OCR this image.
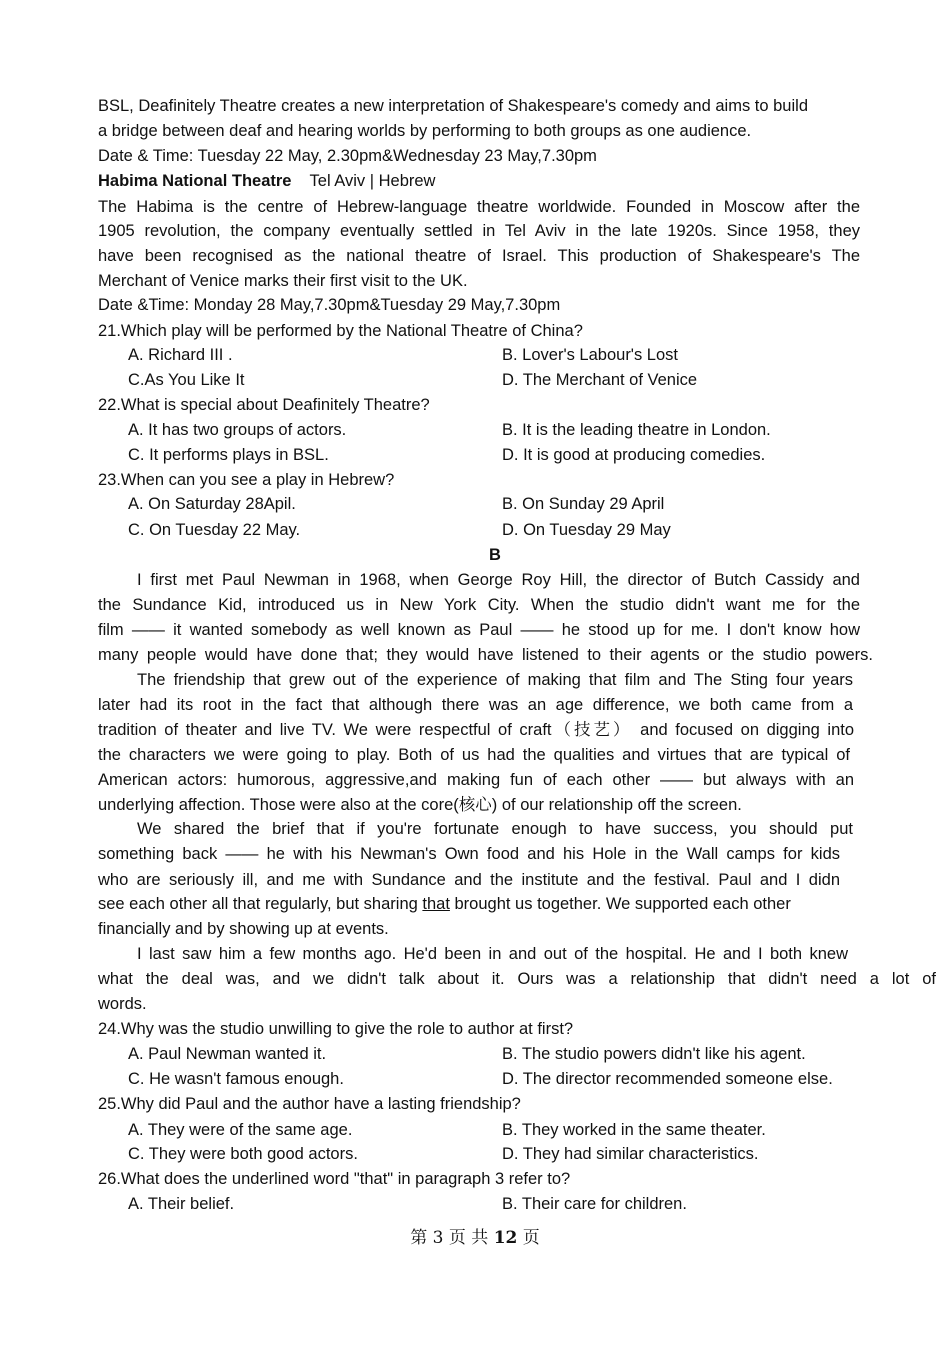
BSL, Deafinitely Theatre creates a new interpretation of Shakespeare's comedy and aims to build
a bridge between deaf and hearing worlds by performing to both groups as one audience.
Date & Time: Tuesday 22 May, 2.30pm&Wednesday 23 May,7.30pm
Habima National Theatre Tel Aviv | Hebrew
The Habima is the centre of Hebrew-language theatre worldwide. Founded in Moscow after the
1905 revolution, the company eventually settled in Tel Aviv in the late 1920s. Since 1958, they
have been recognised as the national theatre of Israel. This production of Shakespeare's The
Merchant of Venice marks their first visit to the UK.
Date &Time: Monday 28 May,7.30pm&Tuesday 29 May,7.30pm
21.Which play will be performed by the National Theatre of China?
A. Richard III .	B. Lover's Labour's Lost
C.As You Like It	D. The Merchant of Venice
22.What is special about Deafinitely Theatre?
A. It has two groups of actors.	B. It is the leading theatre in London.
C. It performs plays in BSL.	D. It is good at producing comedies.
23.When can you see a play in Hebrew?
A. On Saturday 28Apil.	B. On Sunday 29 April
C. On Tuesday 22 May.	D. On Tuesday 29 May
B
I first met Paul Newman in 1968, when George Roy Hill, the director of Butch Cassidy and
the Sundance Kid, introduced us in New York City. When the studio didn't want me for the
film —— it wanted somebody as well known as Paul —— he stood up for me. I don't know how
many people would have done that; they would have listened to their agents or the studio powers.
The friendship that grew out of the experience of making that film and The Sting four years
later had its root in the fact that although there was an age difference, we both came from a
tradition of theater and live TV. We were respectful of craft（技艺） and focused on digging into
the characters we were going to play. Both of us had the qualities and virtues that are typical of
American actors: humorous, aggressive,and making fun of each other —— but always with an
underlying affection. Those were also at the core(核心) of our relationship off the screen.
We shared the brief that if you're fortunate enough to have success, you should put
something back —— he with his Newman's Own food and his Hole in the Wall camps for kids
who are seriously ill, and me with Sundance and the institute and the festival. Paul and I didn
see each other all that regularly, but sharing that brought us together. We supported each other
financially and by showing up at events.
I last saw him a few months ago. He'd been in and out of the hospital. He and I both knew
what the deal was, and we didn't talk about it. Ours was a relationship that didn't need a lot of
words.
24.Why was the studio unwilling to give the role to author at first?
A. Paul Newman wanted it.	B. The studio powers didn't like his agent.
C. He wasn't famous enough.	D. The director recommended someone else.
25.Why did Paul and the author have a lasting friendship?
A. They were of the same age.	B. They worked in the same theater.
C. They were both good actors.	D. They had similar characteristics.
26.What does the underlined word "that" in paragraph 3 refer to?
A. Their belief.	B. Their care for children.
第 3 页 共 12 页
